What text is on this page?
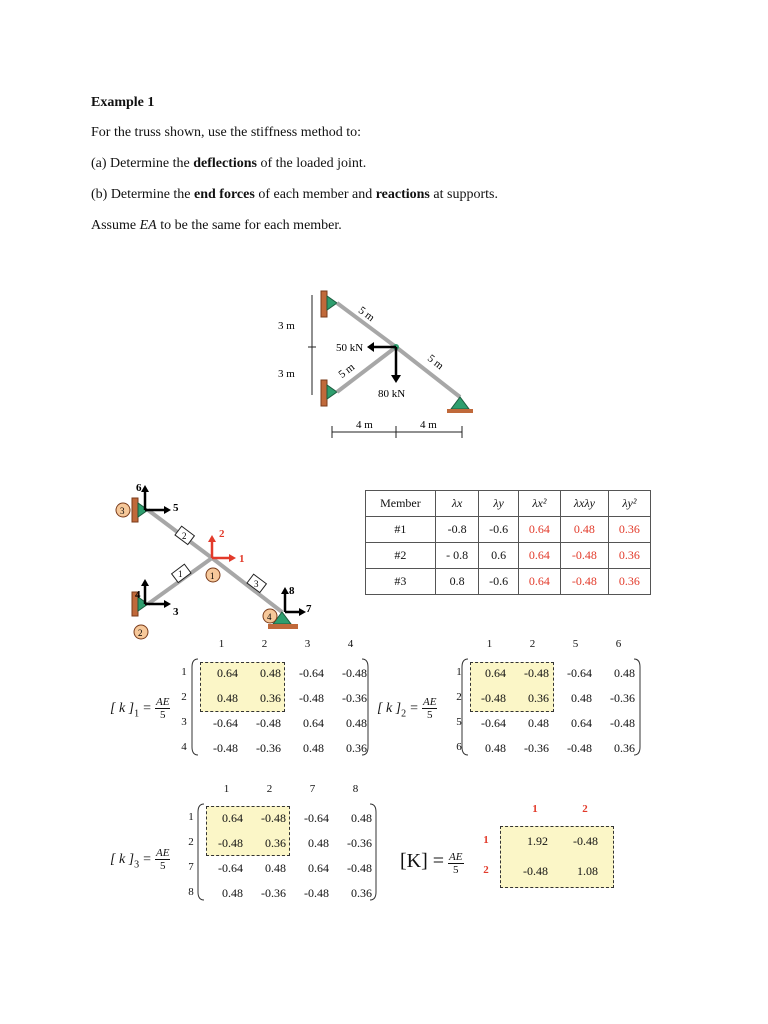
Example 1
For the truss shown, use the stiffness method to:
(a) Determine the deflections of the loaded joint.
(b) Determine the end forces of each member and reactions at supports.
Assume EA to be the same for each member.
3 m
3 m
5 m
5 m	5 m
50 kN
80 kN
4 m	4 m
3
2
1
4
2
1
3
6
5
4
3
8
7
2
1
Member	λx	λy	λx²	λxλy	λy²
#1	-0.8	-0.6	0.64	0.48	0.36
#2	- 0.8	0.6	0.64	-0.48	0.36
#3	0.8	-0.6	0.64	-0.48	0.36
[ k ]$_1 = \frac{AE}{5}$	[ k ]$_2 = \frac{AE}{5}$
[ k ]$_3 = \frac{AE}{5}$	$[K] = \frac{AE}{5}$
1	2	3	4
1
2
3
4
0.64	0.48	-0.64	-0.48
0.48	0.36	-0.48	-0.36
-0.64	-0.48	0.64	0.48
-0.48	-0.36	0.48	0.36
1	2	5	6
1
2
5
6
0.64	-0.48	-0.64	0.48
-0.48	0.36	0.48	-0.36
-0.64	0.48	0.64	-0.48
0.48	-0.36	-0.48	0.36
1	2	7	8
1
2
7
8
0.64	-0.48	-0.64	0.48
-0.48	0.36	0.48	-0.36
-0.64	0.48	0.64	-0.48
0.48	-0.36	-0.48	0.36
1	2
1
2
1.92	-0.48
-0.48	1.08
